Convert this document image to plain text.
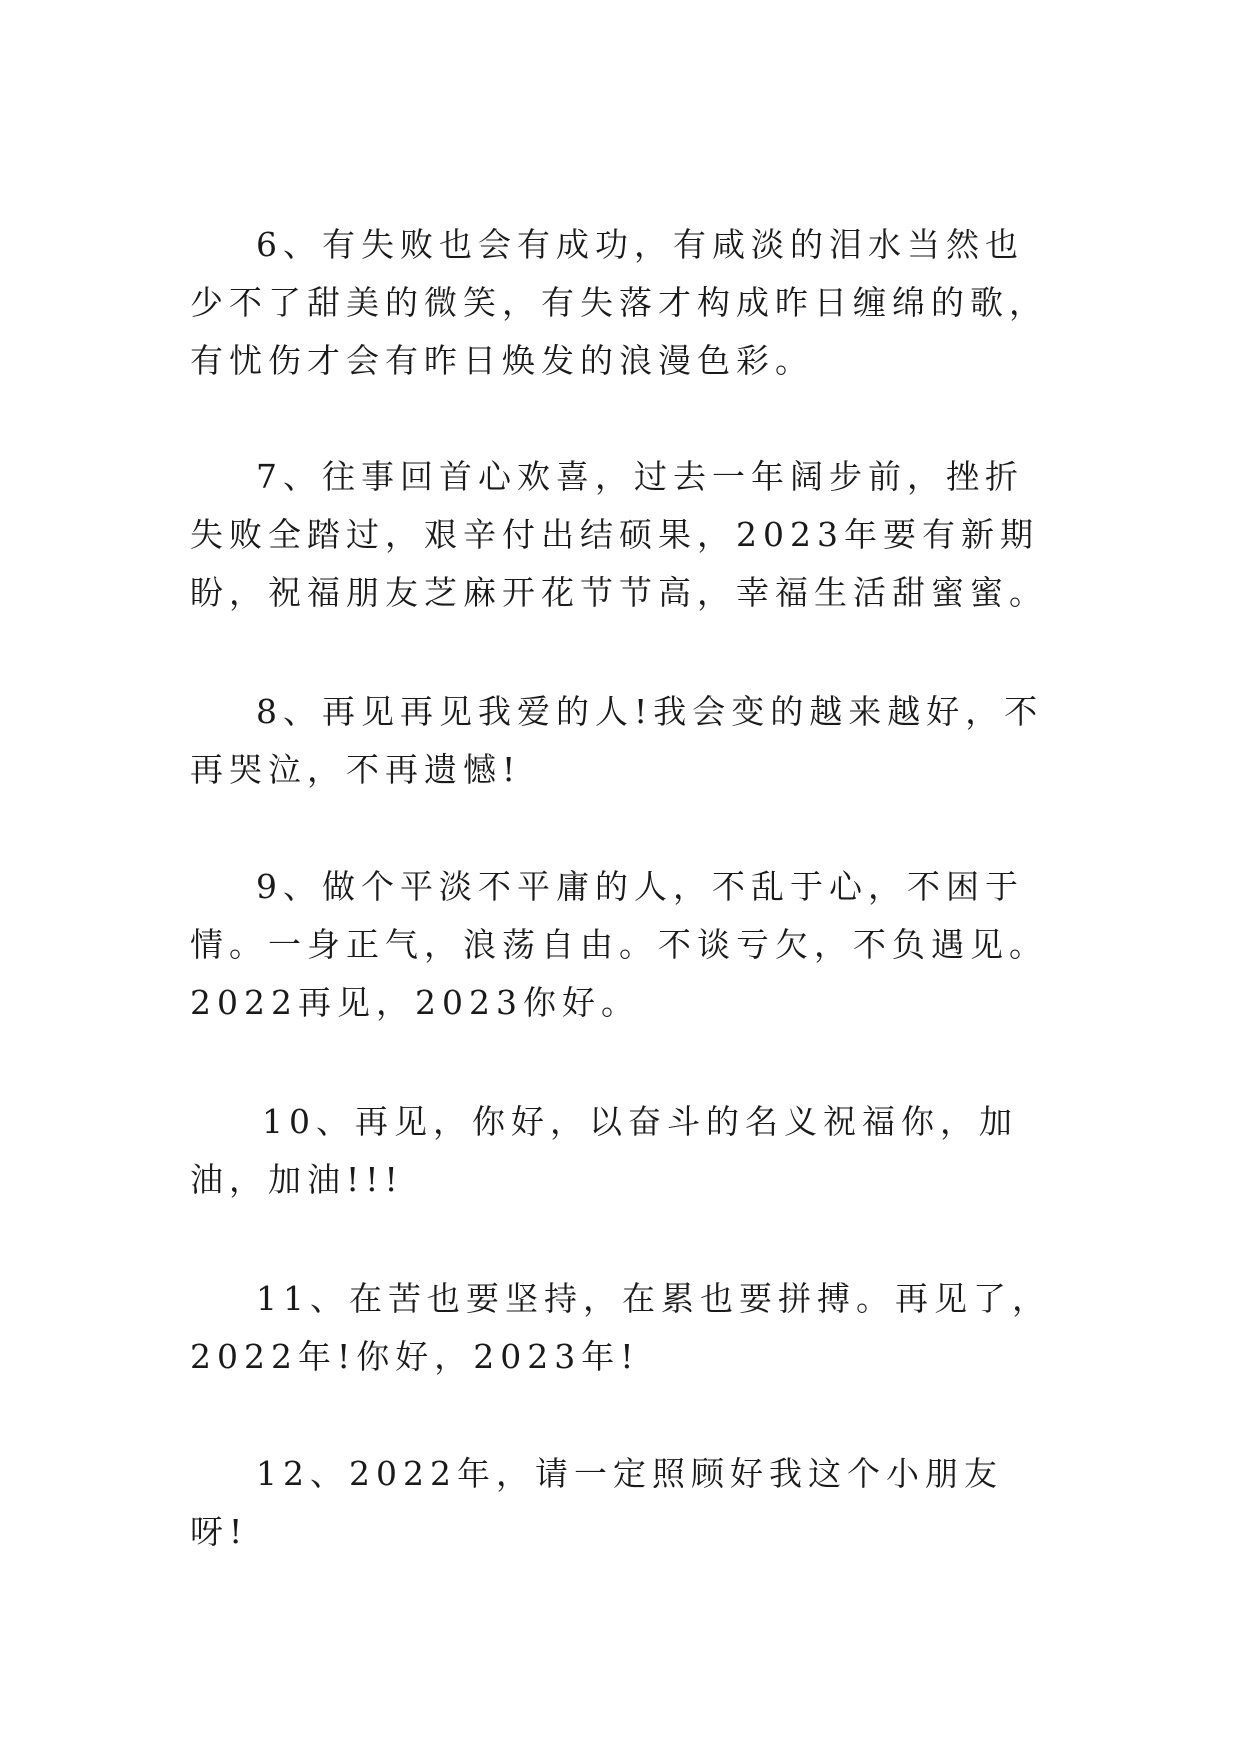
6、有失败也会有成功，有咸淡的泪水当然也少不了甜美的微笑，有失落才构成昨日缠绵的歌，有忧伤才会有昨日焕发的浪漫色彩。

7、往事回首心欢喜，过去一年阔步前，挫折失败全踏过，艰辛付出结硕果，2023年要有新期盼，祝福朋友芝麻开花节节高，幸福生活甜蜜蜜。

8、再见再见我爱的人!我会变的越来越好，不再哭泣，不再遗憾!

9、做个平淡不平庸的人，不乱于心，不困于情。一身正气，浪荡自由。不谈亏欠，不负遇见。2022再见，2023你好。

10、再见，你好，以奋斗的名义祝福你，加油，加油!!!

11、在苦也要坚持，在累也要拼搏。再见了，2022年!你好，2023年!

12、2022年，请一定照顾好我这个小朋友呀!
